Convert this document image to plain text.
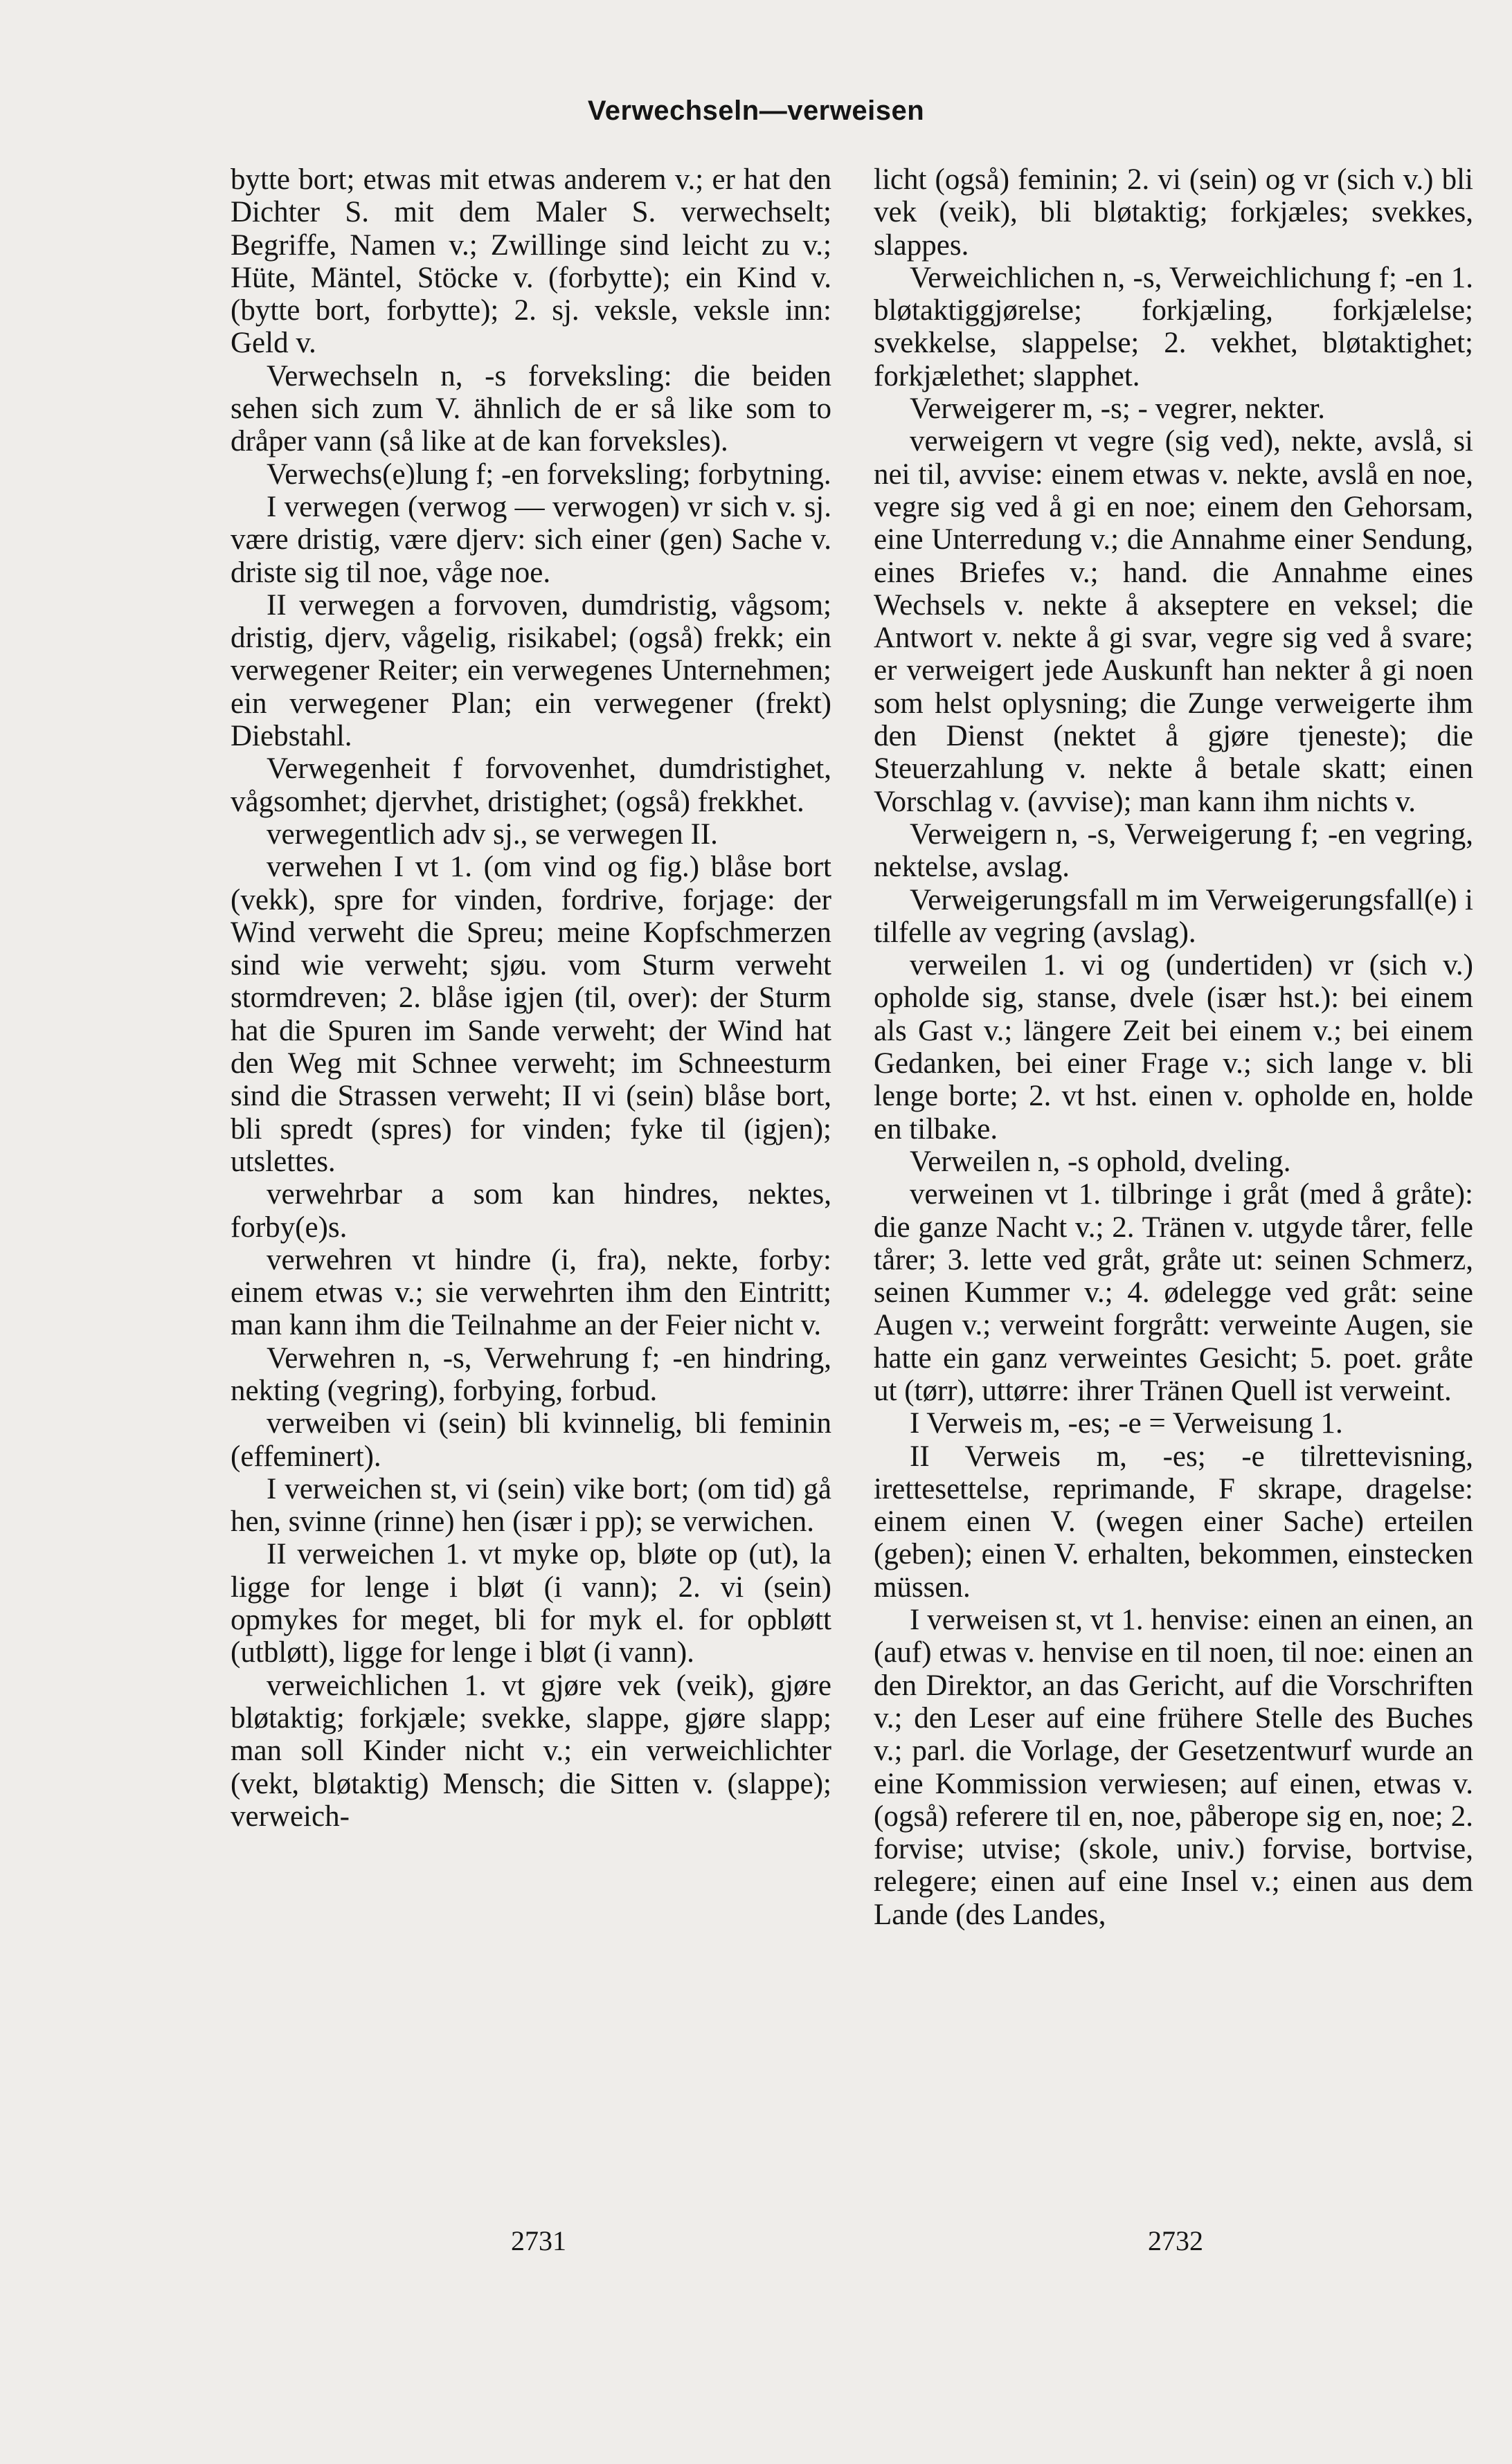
Verwechseln—verweisen

bytte bort; etwas mit etwas anderem v.; er hat den Dichter S. mit dem Maler S. verwechselt; Begriffe, Namen v.; Zwillinge sind leicht zu v.; Hüte, Mäntel, Stöcke v. (forbytte); ein Kind v. (bytte bort, forbytte); 2. sj. veksle, veksle inn: Geld v.

Verwechseln n, -s forveksling: die beiden sehen sich zum V. ähnlich de er så like som to dråper vann (så like at de kan forveksles).

Verwechs(e)lung f; -en forveksling; forbytning.

I verwegen (verwog — verwogen) vr sich v. sj. være dristig, være djerv: sich einer (gen) Sache v. driste sig til noe, våge noe.

II verwegen a forvoven, dumdristig, vågsom; dristig, djerv, vågelig, risikabel; (også) frekk; ein verwegener Reiter; ein verwegenes Unternehmen; ein verwegener Plan; ein verwegener (frekt) Diebstahl.

Verwegenheit f forvovenhet, dumdristighet, vågsomhet; djervhet, dristighet; (også) frekkhet.

verwegentlich adv sj., se verwegen II.

verwehen I vt 1. (om vind og fig.) blåse bort (vekk), spre for vinden, fordrive, forjage: der Wind verweht die Spreu; meine Kopfschmerzen sind wie verweht; sjøu. vom Sturm verweht stormdreven; 2. blåse igjen (til, over): der Sturm hat die Spuren im Sande verweht; der Wind hat den Weg mit Schnee verweht; im Schneesturm sind die Strassen verweht; II vi (sein) blåse bort, bli spredt (spres) for vinden; fyke til (igjen); utslettes.

verwehrbar a som kan hindres, nektes, forby(e)s.

verwehren vt hindre (i, fra), nekte, forby: einem etwas v.; sie verwehrten ihm den Eintritt; man kann ihm die Teilnahme an der Feier nicht v.

Verwehren n, -s, Verwehrung f; -en hindring, nekting (vegring), forbying, forbud.

verweiben vi (sein) bli kvinnelig, bli feminin (effeminert).

I verweichen st, vi (sein) vike bort; (om tid) gå hen, svinne (rinne) hen (især i pp); se verwichen.

II verweichen 1. vt myke op, bløte op (ut), la ligge for lenge i bløt (i vann); 2. vi (sein) opmykes for meget, bli for myk el. for opbløtt (utbløtt), ligge for lenge i bløt (i vann).

verweichlichen 1. vt gjøre vek (veik), gjøre bløtaktig; forkjæle; svekke, slappe, gjøre slapp; man soll Kinder nicht v.; ein verweichlichter (vekt, bløtaktig) Mensch; die Sitten v. (slappe); verweich-

licht (også) feminin; 2. vi (sein) og vr (sich v.) bli vek (veik), bli bløtaktig; forkjæles; svekkes, slappes.

Verweichlichen n, -s, Verweichlichung f; -en 1. bløtaktiggjørelse; forkjæling, forkjælelse; svekkelse, slappelse; 2. vekhet, bløtaktighet; forkjælethet; slapphet.

Verweigerer m, -s; - vegrer, nekter.

verweigern vt vegre (sig ved), nekte, avslå, si nei til, avvise: einem etwas v. nekte, avslå en noe, vegre sig ved å gi en noe; einem den Gehorsam, eine Unterredung v.; die Annahme einer Sendung, eines Briefes v.; hand. die Annahme eines Wechsels v. nekte å akseptere en veksel; die Antwort v. nekte å gi svar, vegre sig ved å svare; er verweigert jede Auskunft han nekter å gi noen som helst oplysning; die Zunge verweigerte ihm den Dienst (nektet å gjøre tjeneste); die Steuerzahlung v. nekte å betale skatt; einen Vorschlag v. (avvise); man kann ihm nichts v.

Verweigern n, -s, Verweigerung f; -en vegring, nektelse, avslag.

Verweigerungsfall m im Verweigerungsfall(e) i tilfelle av vegring (avslag).

verweilen 1. vi og (undertiden) vr (sich v.) opholde sig, stanse, dvele (især hst.): bei einem als Gast v.; längere Zeit bei einem v.; bei einem Gedanken, bei einer Frage v.; sich lange v. bli lenge borte; 2. vt hst. einen v. opholde en, holde en tilbake.

Verweilen n, -s ophold, dveling.

verweinen vt 1. tilbringe i gråt (med å gråte): die ganze Nacht v.; 2. Tränen v. utgyde tårer, felle tårer; 3. lette ved gråt, gråte ut: seinen Schmerz, seinen Kummer v.; 4. ødelegge ved gråt: seine Augen v.; verweint forgrått: verweinte Augen, sie hatte ein ganz verweintes Gesicht; 5. poet. gråte ut (tørr), uttørre: ihrer Tränen Quell ist verweint.

I Verweis m, -es; -e = Verweisung 1.

II Verweis m, -es; -e tilrettevisning, irettesettelse, reprimande, F skrape, dragelse: einem einen V. (wegen einer Sache) erteilen (geben); einen V. erhalten, bekommen, einstecken müssen.

I verweisen st, vt 1. henvise: einen an einen, an (auf) etwas v. henvise en til noen, til noe: einen an den Direktor, an das Gericht, auf die Vorschriften v.; den Leser auf eine frühere Stelle des Buches v.; parl. die Vorlage, der Gesetzentwurf wurde an eine Kommission verwiesen; auf einen, etwas v. (også) referere til en, noe, påberope sig en, noe; 2. forvise; utvise; (skole, univ.) forvise, bortvise, relegere; einen auf eine Insel v.; einen aus dem Lande (des Landes,

2731	2732
